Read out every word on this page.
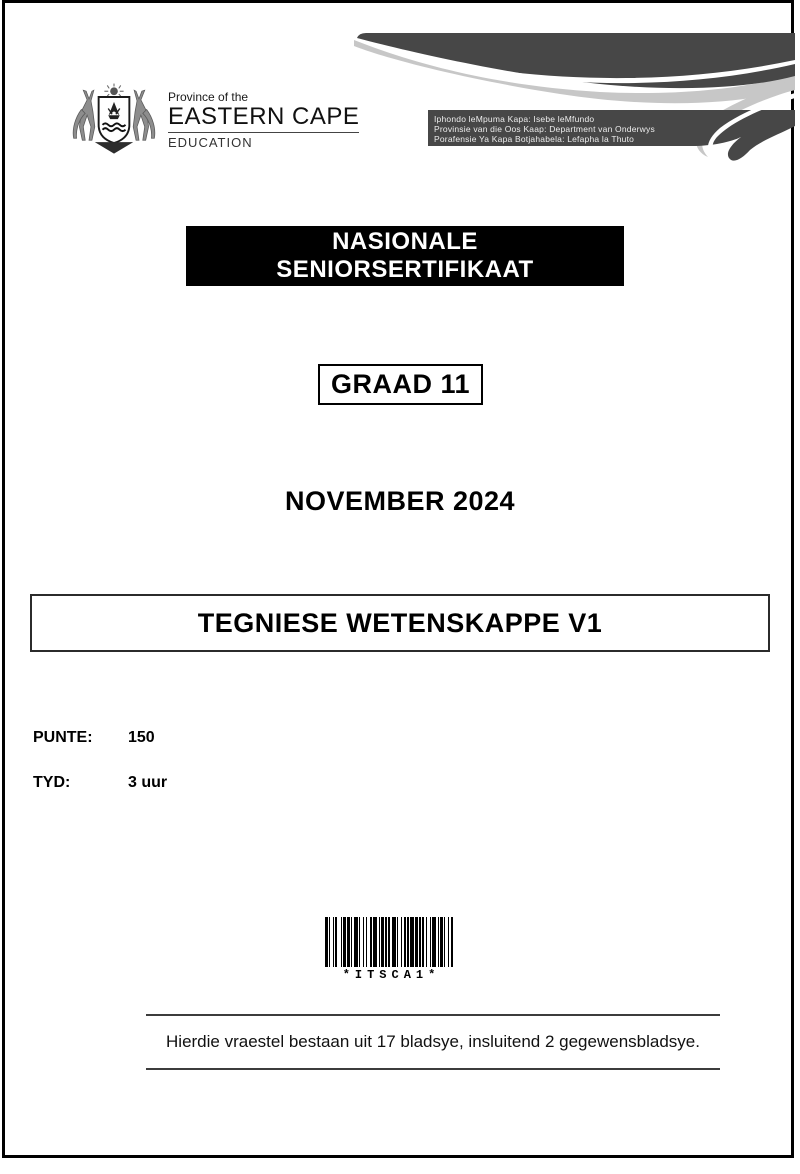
Province of the
EASTERN CAPE
EDUCATION
Iphondo leMpuma Kapa: Isebe leMfundo
Provinsie van die Oos Kaap: Department van Onderwys
Porafensie Ya Kapa Botjahabela: Lefapha la Thuto
NASIONALE
SENIORSERTIFIKAAT
GRAAD 11
NOVEMBER 2024
TEGNIESE WETENSKAPPE V1
PUNTE: 150
TYD:	3 uur
*ITSCA1*
Hierdie vraestel bestaan uit 17 bladsye, insluitend 2 gegewensbladsye.
